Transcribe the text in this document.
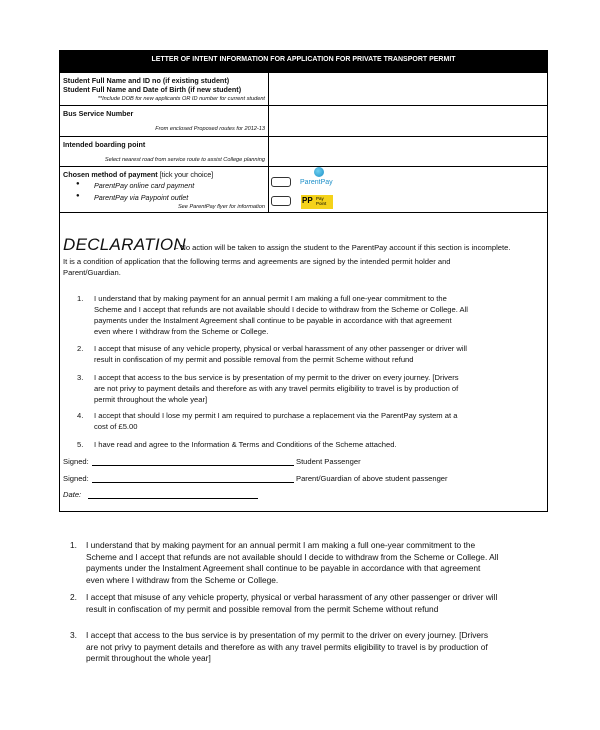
LETTER OF INTENT INFORMATION FOR APPLICATION FOR PRIVATE TRANSPORT PERMIT
Student Full Name and ID no (if existing student)
Student Full Name and Date of Birth (if new student)
**Include DOB for new applicants OR ID number for current student
Bus Service Number
From enclosed Proposed routes for 2012-13
Intended boarding point
Select nearest road from service route to assist College planning
Chosen method of payment [tick your choice]
● ParentPay online card payment
● ParentPay via Paypoint outlet
See ParentPay flyer for information
ParentPay
PP Pay Point
DECLARATION
– No action will be taken to assign the student to the ParentPay account if this section is incomplete.
It is a condition of application that the following terms and agreements are signed by the intended permit holder and
Parent/Guardian.
1. I understand that by making payment for an annual permit I am making a full one-year commitment to the
Scheme and I accept that refunds are not available should I decide to withdraw from the Scheme or College. All
payments under the Instalment Agreement shall continue to be payable in accordance with that agreement
even where I withdraw from the Scheme or College.
2. I accept that misuse of any vehicle property, physical or verbal harassment of any other passenger or driver will
result in confiscation of my permit and possible removal from the permit Scheme without refund
3. I accept that access to the bus service is by presentation of my permit to the driver on every journey. [Drivers
are not privy to payment details and therefore as with any travel permits eligibility to travel is by production of
permit throughout the whole year]
4. I accept that should I lose my permit I am required to purchase a replacement via the ParentPay system at a
cost of £5.00
5. I have read and agree to the Information & Terms and Conditions of the Scheme attached.
Signed:	Student Passenger
Signed:	Parent/Guardian of above student passenger
Date:
1. I understand that by making payment for an annual permit I am making a full one-year commitment to the
Scheme and I accept that refunds are not available should I decide to withdraw from the Scheme or College. All
payments under the Instalment Agreement shall continue to be payable in accordance with that agreement
even where I withdraw from the Scheme or College.
2. I accept that misuse of any vehicle property, physical or verbal harassment of any other passenger or driver will
result in confiscation of my permit and possible removal from the permit Scheme without refund
3. I accept that access to the bus service is by presentation of my permit to the driver on every journey. [Drivers
are not privy to payment details and therefore as with any travel permits eligibility to travel is by production of
permit throughout the whole year]
